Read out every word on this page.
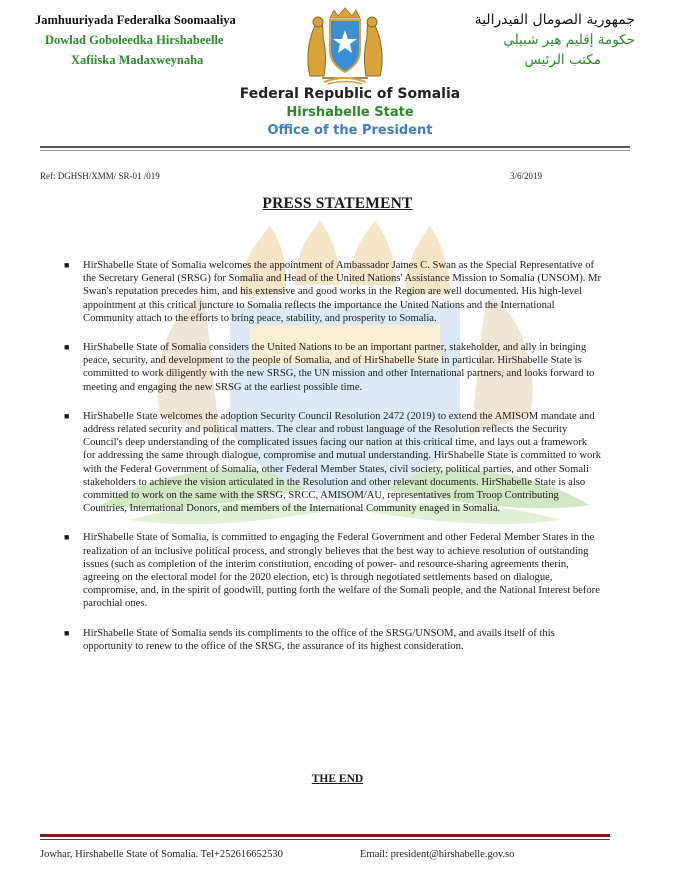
Jamhuuriyada Federalka Soomaaliya
Dowlad Goboleedka Hirshabeelle
Xafiiska Madaxweynaha
جمهورية الصومال الفيدرالية
حكومة إقليم هير شبيلي
مكتب الرئيس
Federal Republic of Somalia
Hirshabelle State
Office of the President
Ref: DGHSH/XMM/ SR-01 /019	3/6/2019
PRESS STATEMENT
■ HirShabelle State of Somalia welcomes the appointment of Ambassador James C. Swan as the Special Representative of the Secretary General (SRSG) for Somalia and Head of the United Nations' Assistance Mission to Somalia (UNSOM). Mr Swan's reputation precedes him, and his extensive and good works in the Region are well documented. His high-level appointment at this critical juncture to Somalia reflects the importance the United Nations and the International Community attach to the efforts to bring peace, stability, and prosperity to Somalia.
■ HirShabelle State of Somalia considers the United Nations to be an important partner, stakeholder, and ally in bringing peace, security, and development to the people of Somalia, and of HirShabelle State in particular. HirShabelle State is committed to work diligently with the new SRSG, the UN mission and other International partners, and looks forward to meeting and engaging the new SRSG at the earliest possible time.
■ HirShabelle State welcomes the adoption Security Council Resolution 2472 (2019) to extend the AMISOM mandate and address related security and political matters. The clear and robust language of the Resolution reflects the Security Council's deep understanding of the complicated issues facing our nation at this critical time, and lays out a framework for addressing the same through dialogue, compromise and mutual understanding. HirShabelle State is committed to work with the Federal Government of Somalia, other Federal Member States, civil society, political parties, and other Somali stakeholders to achieve the vision articulated in the Resolution and other relevant documents. HirShabelle State is also committed to work on the same with the SRSG, SRCC, AMISOM/AU, representatives from Troop Contributing Countries, International Donors, and members of the International Community enaged in Somalia.
■ HirShabelle State of Somalia, is committed to engaging the Federal Government and other Federal Member States in the realization of an inclusive political process, and strongly believes that the best way to achieve resolution of outstanding issues (such as completion of the interim constitution, encoding of power- and resource-sharing agreements therin, agreeing on the electoral model for the 2020 election, etc) is through negotiated settlements based on dialogue, compromise, and, in the spirit of goodwill, putting forth the welfare of the Somali people, and the National Interest before parochial ones.
■ HirShabelle State of Somalia sends its compliments to the office of the SRSG/UNSOM, and avails itself of this opportunity to renew to the office of the SRSG, the assurance of its highest consideration.
THE END
Jowhar, Hirshabelle State of Somalia. Tel+25261665253​0	Email: president@hirshabelle.gov.so
